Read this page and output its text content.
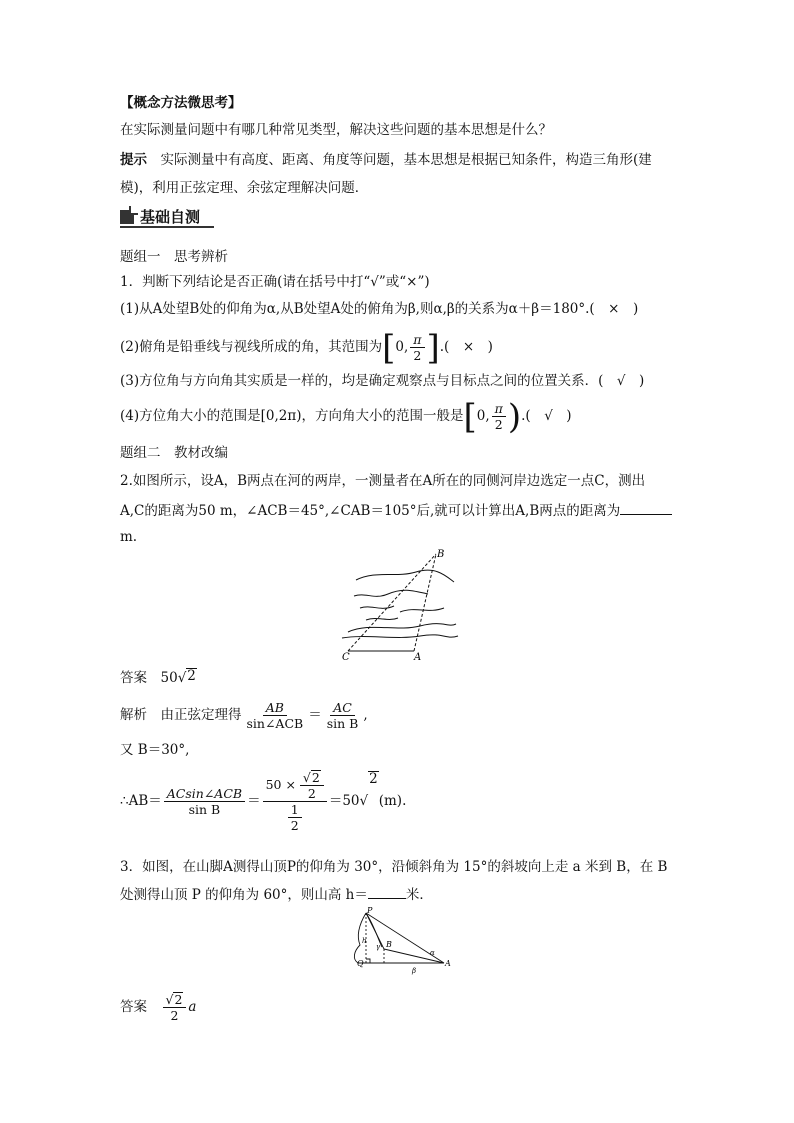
【概念方法微思考】
在实际测量问题中有哪几种常见类型，解决这些问题的基本思想是什么？
提示　 实际测量中有高度、距离、角度等问题，基本思想是根据已知条件，构造三角形(建
模)，利用正弦定理、余弦定理解决问题．
基础自测
题组一　思考辨析
1．判断下列结论是否正确(请在括号中打“√”或“×”)
(1)从A处望B处的仰角为α,从B处望A处的俯角为β,则α,β的关系为α＋β＝180°.(　×　)
(2)俯角是铅垂线与视线所成的角，其范围为[0, $\frac{\pi}{2}$ ].(　×　)
(3)方位角与方向角其实质是一样的，均是确定观察点与目标点之间的位置关系．(　√　)
(4)方位角大小的范围是[0,2π)，方向角大小的范围一般是[0, $\frac{\pi}{2}$ ).(　√　)
题组二　教材改编
2.如图所示，设A，B两点在河的两岸，一测量者在A所在的同侧河岸边选定一点C，测出
A,C的距离为50 m，∠ACB＝45°,∠CAB＝105°后,就可以计算出A,B两点的距离为
m.
B
C	A
答案　 50√ 2
解析　 由正弦定理得 $\frac{AB}{\text{sin∠ACB}} = \frac{AC}{\text{sin B}}$ ,
又 B＝30°,
∴AB＝ $\frac{\text{ACsin∠ACB}}{\text{sin B}} = \frac{50 \times \frac{√ 2}{2}}{\frac{1}{2}} =50√$
2
(m).
3．如图，在山脚A测得山顶P的仰角为 30°，沿倾斜角为 15°的斜坡向上走 a 米到 B，在 B
处测得山顶 P 的仰角为 60°，则山高 h＝	米．
P
B
A
Q
h
γ
α
β
答案　 $\frac{√ 2}{2}$ a
